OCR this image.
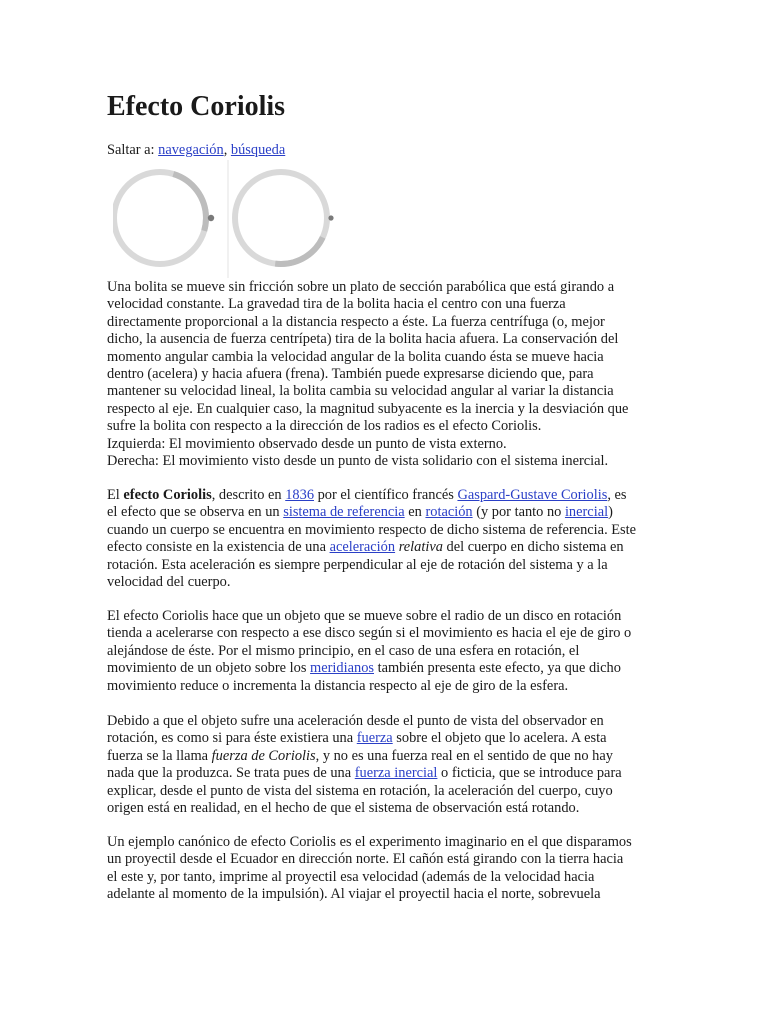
Efecto Coriolis
Saltar a: navegación, búsqueda

Una bolita se mueve sin fricción sobre un plato de sección parabólica que está girando a

velocidad constante. La gravedad tira de la bolita hacia el centro con una fuerza

directamente proporcional a la distancia respecto a éste. La fuerza centrífuga (o, mejor

dicho, la ausencia de fuerza centrípeta) tira de la bolita hacia afuera. La conservación del

momento angular cambia la velocidad angular de la bolita cuando ésta se mueve hacia

dentro (acelera) y hacia afuera (frena). También puede expresarse diciendo que, para

mantener su velocidad lineal, la bolita cambia su velocidad angular al variar la distancia

respecto al eje. En cualquier caso, la magnitud subyacente es la inercia y la desviación que

sufre la bolita con respecto a la dirección de los radios es el efecto Coriolis.

Izquierda: El movimiento observado desde un punto de vista externo.

Derecha: El movimiento visto desde un punto de vista solidario con el sistema inercial.

El efecto Coriolis, descrito en 1836 por el científico francés Gaspard-Gustave Coriolis, es

el efecto que se observa en un sistema de referencia en rotación (y por tanto no inercial)

cuando un cuerpo se encuentra en movimiento respecto de dicho sistema de referencia. Este

efecto consiste en la existencia de una aceleración relativa del cuerpo en dicho sistema en

rotación. Esta aceleración es siempre perpendicular al eje de rotación del sistema y a la

velocidad del cuerpo.

El efecto Coriolis hace que un objeto que se mueve sobre el radio de un disco en rotación

tienda a acelerarse con respecto a ese disco según si el movimiento es hacia el eje de giro o

alejándose de éste. Por el mismo principio, en el caso de una esfera en rotación, el

movimiento de un objeto sobre los meridianos también presenta este efecto, ya que dicho

movimiento reduce o incrementa la distancia respecto al eje de giro de la esfera.

Debido a que el objeto sufre una aceleración desde el punto de vista del observador en

rotación, es como si para éste existiera una fuerza sobre el objeto que lo acelera. A esta

fuerza se la llama fuerza de Coriolis, y no es una fuerza real en el sentido de que no hay

nada que la produzca. Se trata pues de una fuerza inercial o ficticia, que se introduce para

explicar, desde el punto de vista del sistema en rotación, la aceleración del cuerpo, cuyo

origen está en realidad, en el hecho de que el sistema de observación está rotando.

Un ejemplo canónico de efecto Coriolis es el experimento imaginario en el que disparamos

un proyectil desde el Ecuador en dirección norte. El cañón está girando con la tierra hacia

el este y, por tanto, imprime al proyectil esa velocidad (además de la velocidad hacia

adelante al momento de la impulsión). Al viajar el proyectil hacia el norte, sobrevuela
